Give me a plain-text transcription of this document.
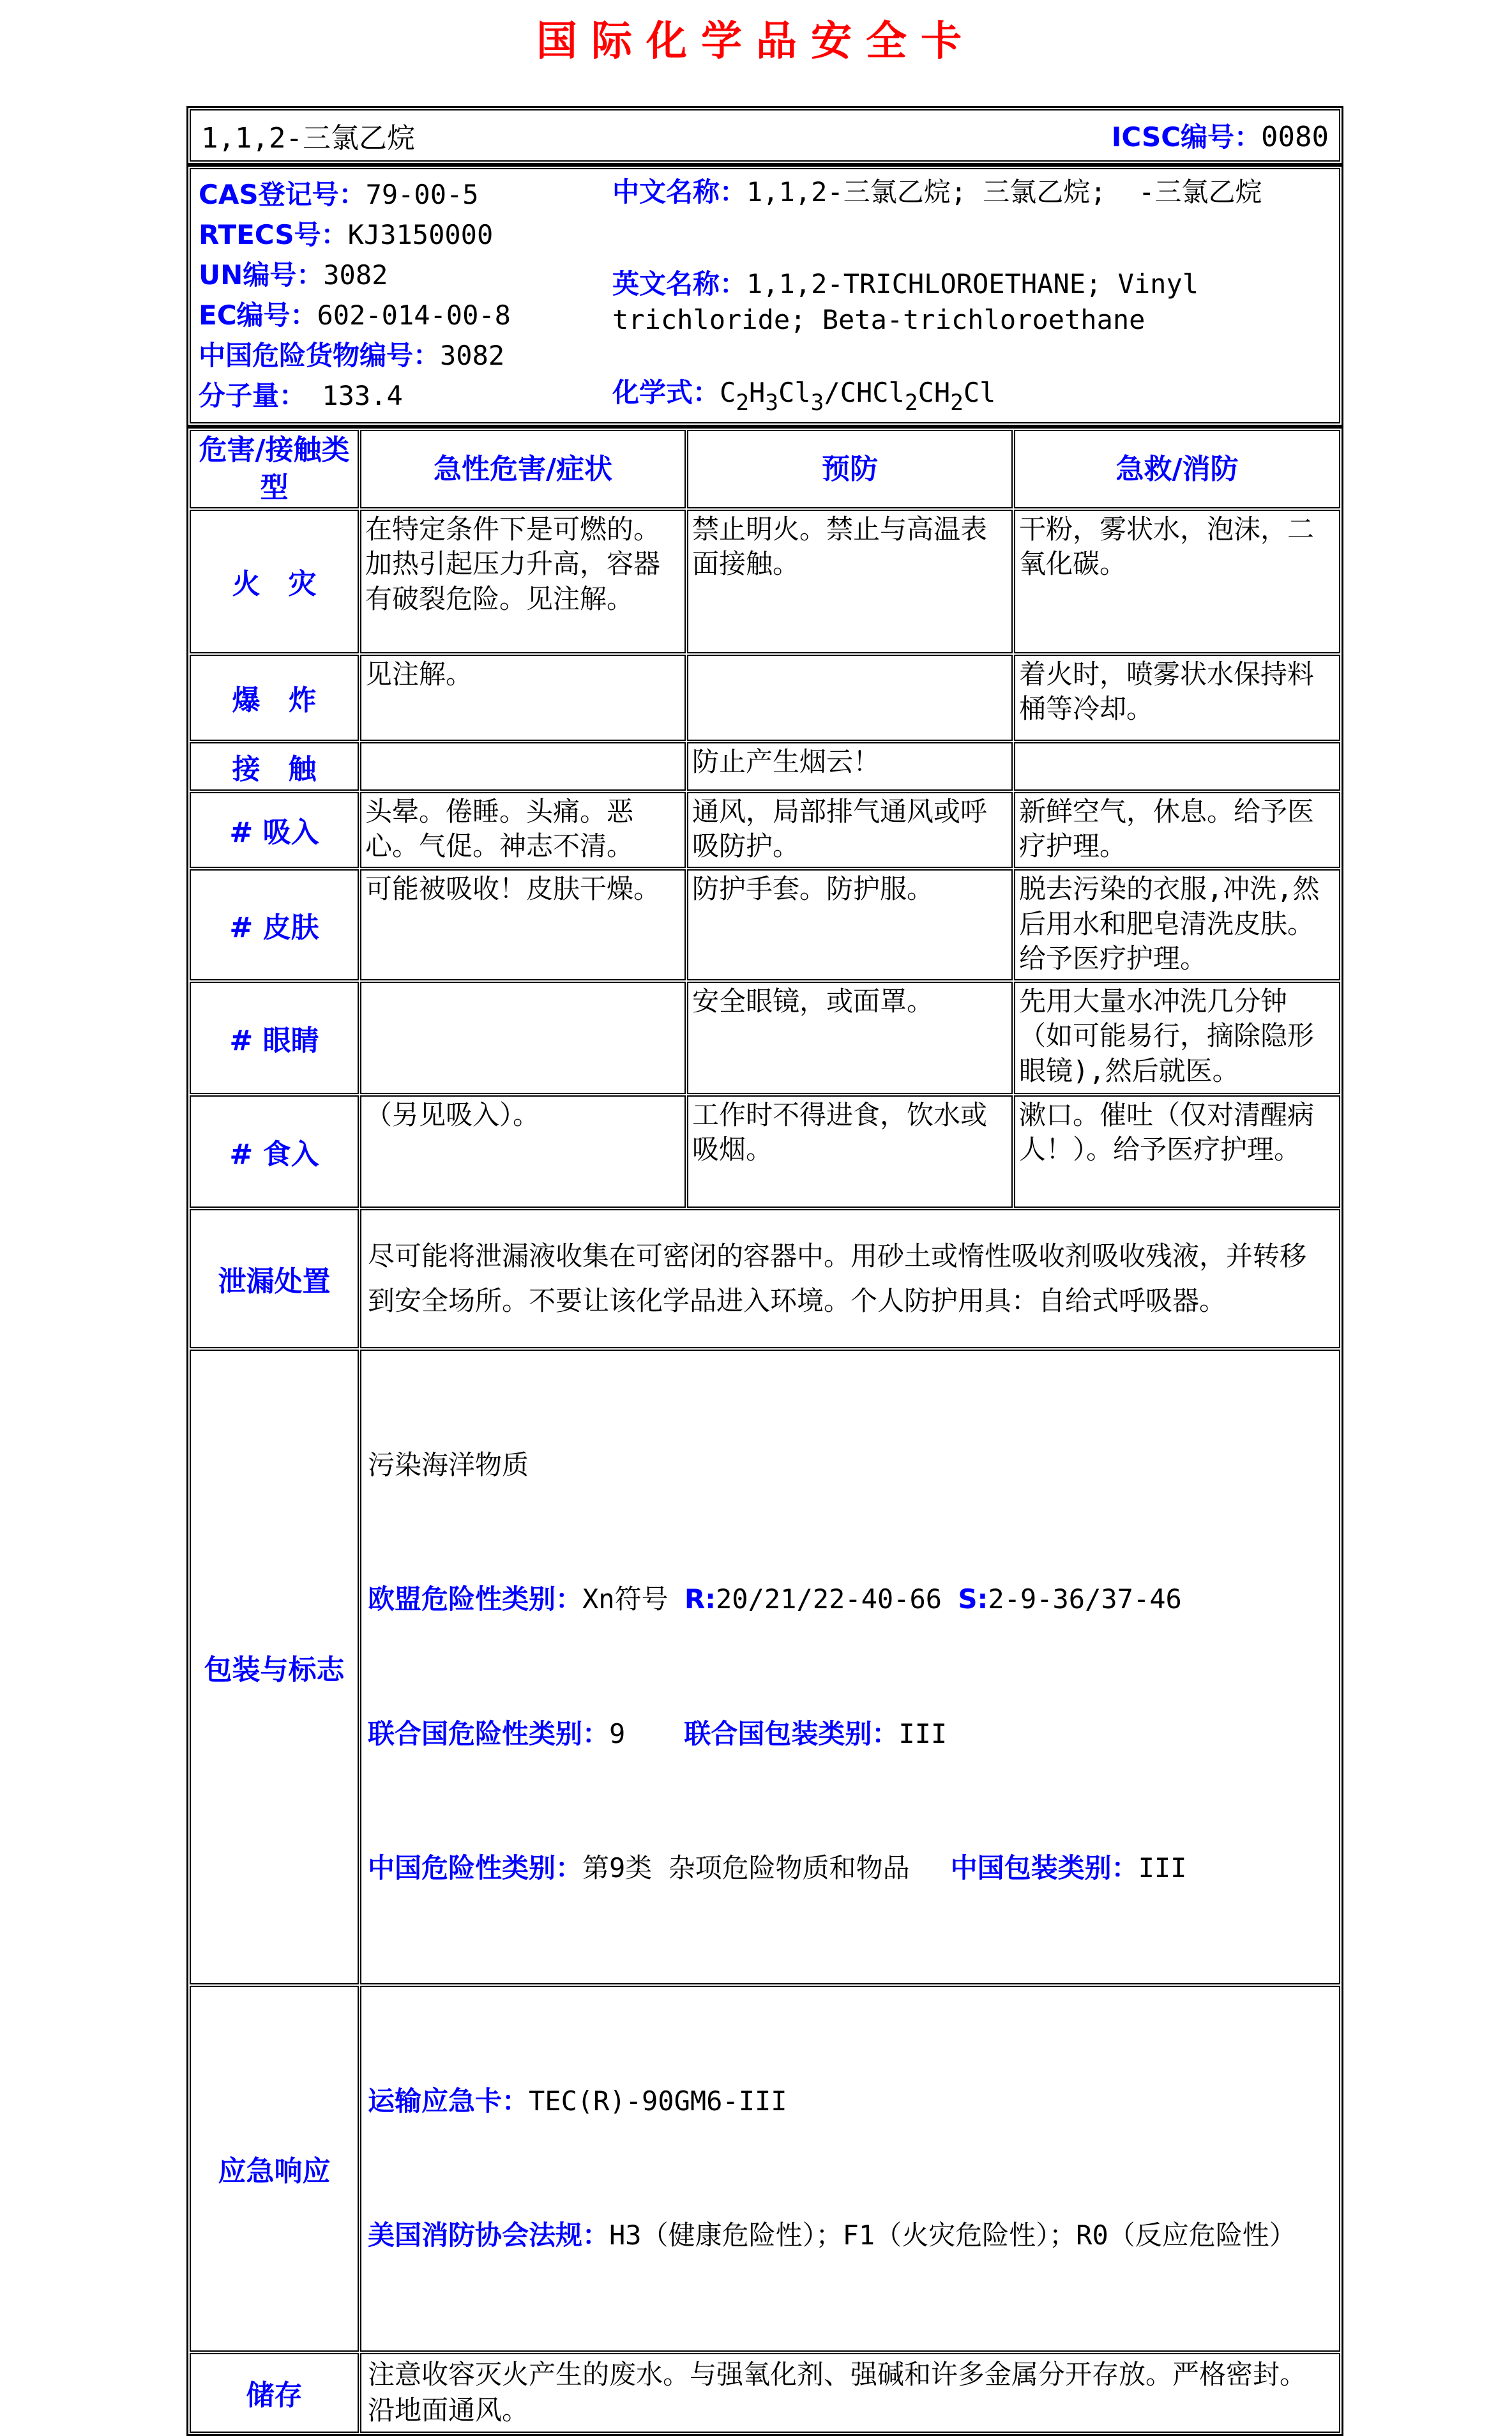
国际化学品安全卡
1,1,2-三氯乙烷	ICSC编号：0080
CAS登记号：79-00-5
RTECS号：KJ3150000
UN编号：3082
EC编号：602-014-00-8
中国危险货物编号：3082
分子量： 133.4

中文名称：1,1,2-三氯乙烷; 三氯乙烷;  -三氯乙烷

英文名称：1,1,2-TRICHLOROETHANE; Vinyl trichloride; Beta-trichloroethane

化学式：$C_2H_3Cl_3/CHCl_2CH_2Cl$

危害/接触类型	急性危害/症状	预防	急救/消防
火　灾	在特定条件下是可燃的。加热引起压力升高，容器有破裂危险。见注解。	禁止明火。禁止与高温表面接触。	干粉，雾状水，泡沫，二氧化碳。
爆　炸	见注解。		着火时，喷雾状水保持料桶等冷却。
接　触		防止产生烟云！	
# 吸入	头晕。倦睡。头痛。恶心。气促。神志不清。	通风，局部排气通风或呼吸防护。	新鲜空气，休息。给予医疗护理。
# 皮肤	可能被吸收！皮肤干燥。	防护手套。防护服。	脱去污染的衣服,冲洗,然后用水和肥皂清洗皮肤。给予医疗护理。
# 眼睛		安全眼镜，或面罩。	先用大量水冲洗几分钟（如可能易行，摘除隐形眼镜),然后就医。
# 食入	（另见吸入）。	工作时不得进食，饮水或吸烟。	漱口。催吐（仅对清醒病人！）。给予医疗护理。
泄漏处置	尽可能将泄漏液收集在可密闭的容器中。用砂土或惰性吸收剂吸收残液，并转移到安全场所。不要让该化学品进入环境。个人防护用具：自给式呼吸器。		
包装与标志	污染海洋物质

欧盟危险性类别：Xn符号 R:20/21/22-40-66 S:2-9-36/37-46

联合国危险性类别：9 联合国包装类别：III

中国危险性类别：第9类 杂项危险物质和物品 中国包装类别：III		

应急响应	运输应急卡：TEC(R)-90GM6-III

美国消防协会法规：H3（健康危险性）；F1（火灾危险性）；R0（反应危险性）		

储存	注意收容灭火产生的废水。与强氧化剂、强碱和许多金属分开存放。严格密封。沿地面通风。		
